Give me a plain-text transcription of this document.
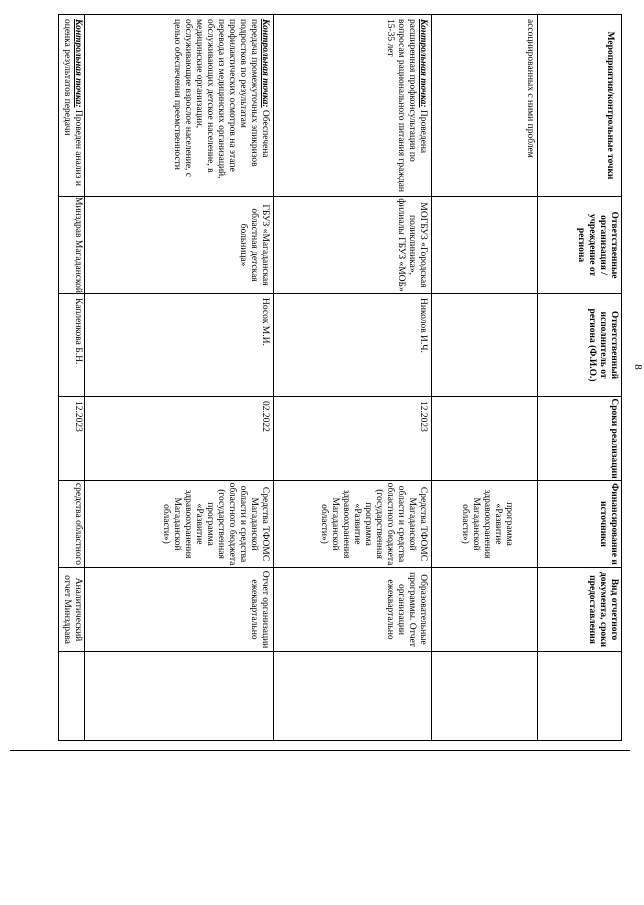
8
Мероприятия/контрольные точки
Ответственные организация / учреждение от региона
Ответственный исполнитель от региона (Ф.И.О.)
Сроки реализации
Финансирование и источники
Вид отчетного документа, сроки предоставления
ассоциированных с ними проблем
программа «Развитие здравоохранения Магаданской области»)
Контрольная точка: Проведена расширенная профконсультация по вопросам рационального питания граждан 15-35 лет
МОГБУЗ «Городская поликлиника», филиалы ГБУЗ «МОБ»
Николов И.Ч.
12.2023
Средства ТФОМС Магаданской области и средства областного бюджета (государственная программа «Развитие здравоохранения Магаданской области»)
Образовательные программы. Отчет организации ежеквартально
Контрольная точка: Обеспечена передача промежуточных эпикризов подростков по результатам профилактических осмотров на этапе перевода из медицинских организаций, обслуживающих детское население, в медицинские организации, обслуживающие взрослое население, с целью обеспечения преемственности
ГБУЗ «Магаданская областная детская больница»
Носок М.И.
02.2022
Средства ТФОМС Магаданской области и средства областного бюджета (государственная программа «Развитие здравоохранения Магаданской области»)
Отчет организации ежеквартально
Контрольная точка: Проведен анализ и оценка результатов передачи
Минздрав Магаданской
Капленкова Б.Н.
12.2023
средства областного
Аналитический отчет Минздрава
